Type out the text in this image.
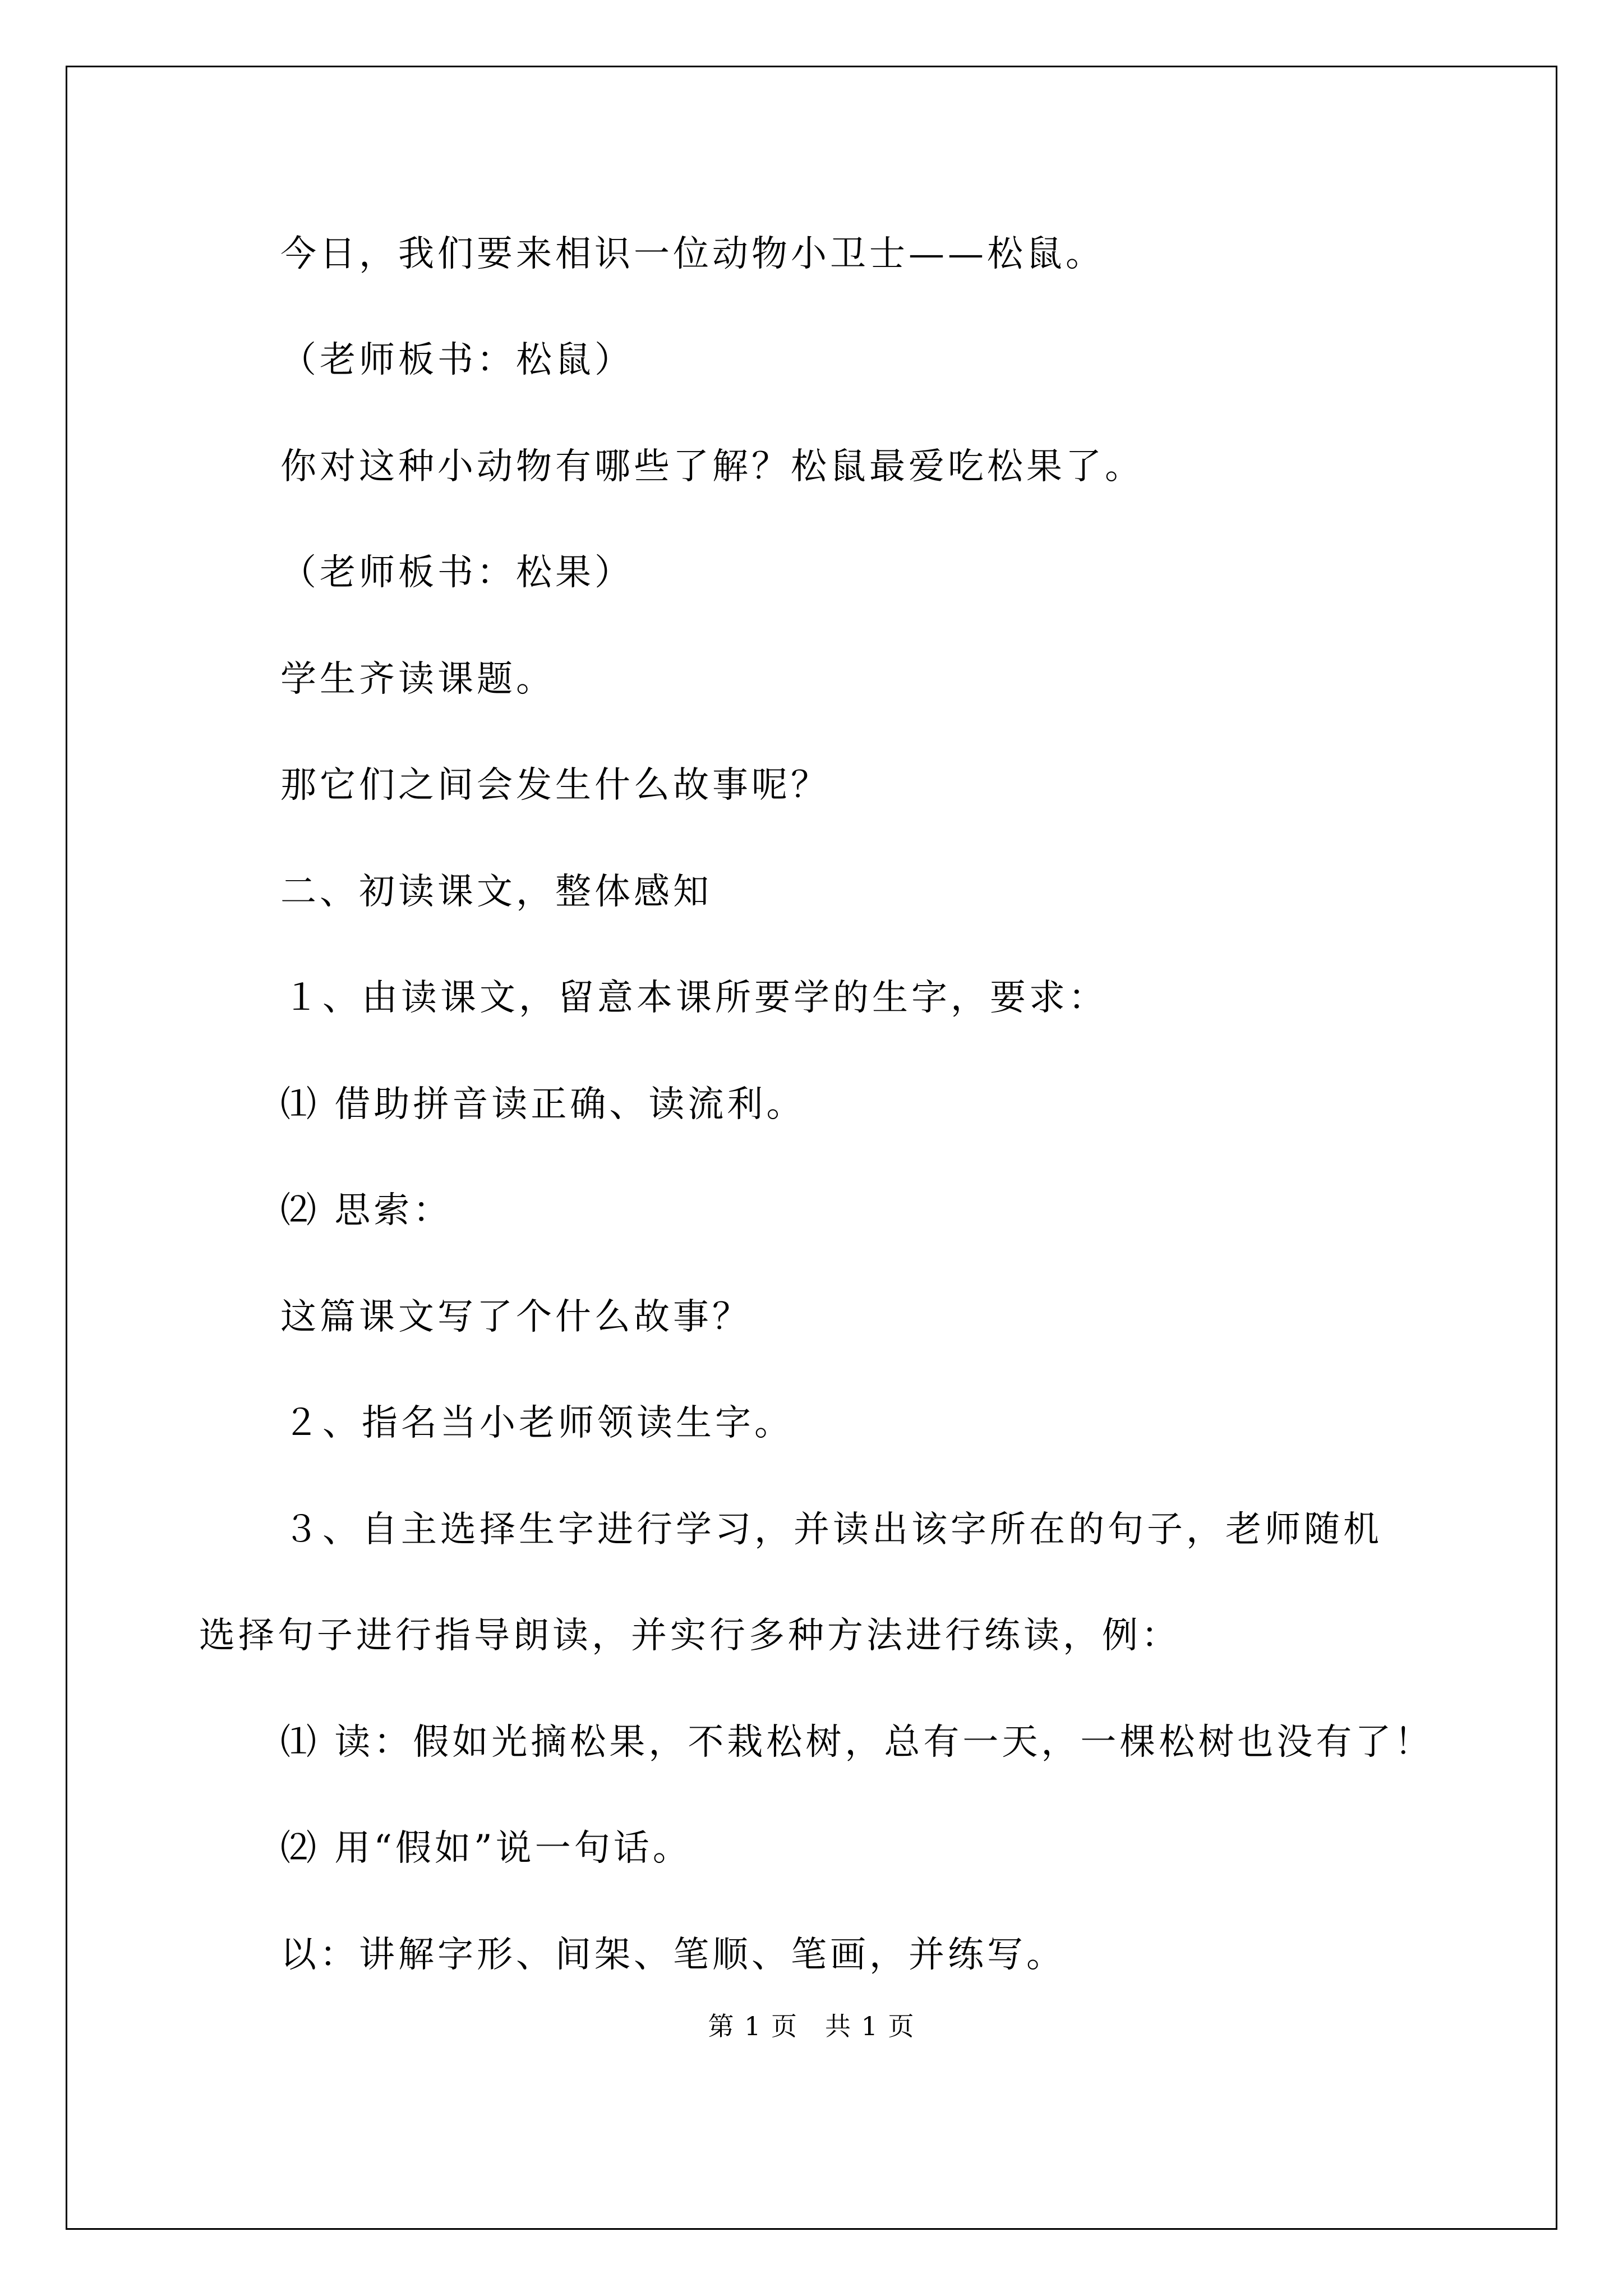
今日，我们要来相识一位动物小卫士——松鼠。

（老师板书：松鼠）

你对这种小动物有哪些了解？松鼠最爱吃松果了。

（老师板书：松果）

学生齐读课题。

那它们之间会发生什么故事呢？

二、初读课文，整体感知

１、由读课文，留意本课所要学的生字，要求：

⑴ 借助拼音读正确、读流利。

⑵ 思索：

这篇课文写了个什么故事？

２、指名当小老师领读生字。

３、自主选择生字进行学习，并读出该字所在的句子，老师随机

选择句子进行指导朗读，并实行多种方法进行练读，例：

⑴ 读：假如光摘松果，不栽松树，总有一天，一棵松树也没有了！

⑵ 用“假如”说一句话。

以：讲解字形、间架、笔顺、笔画，并练写。

第 1 页　共 1 页
